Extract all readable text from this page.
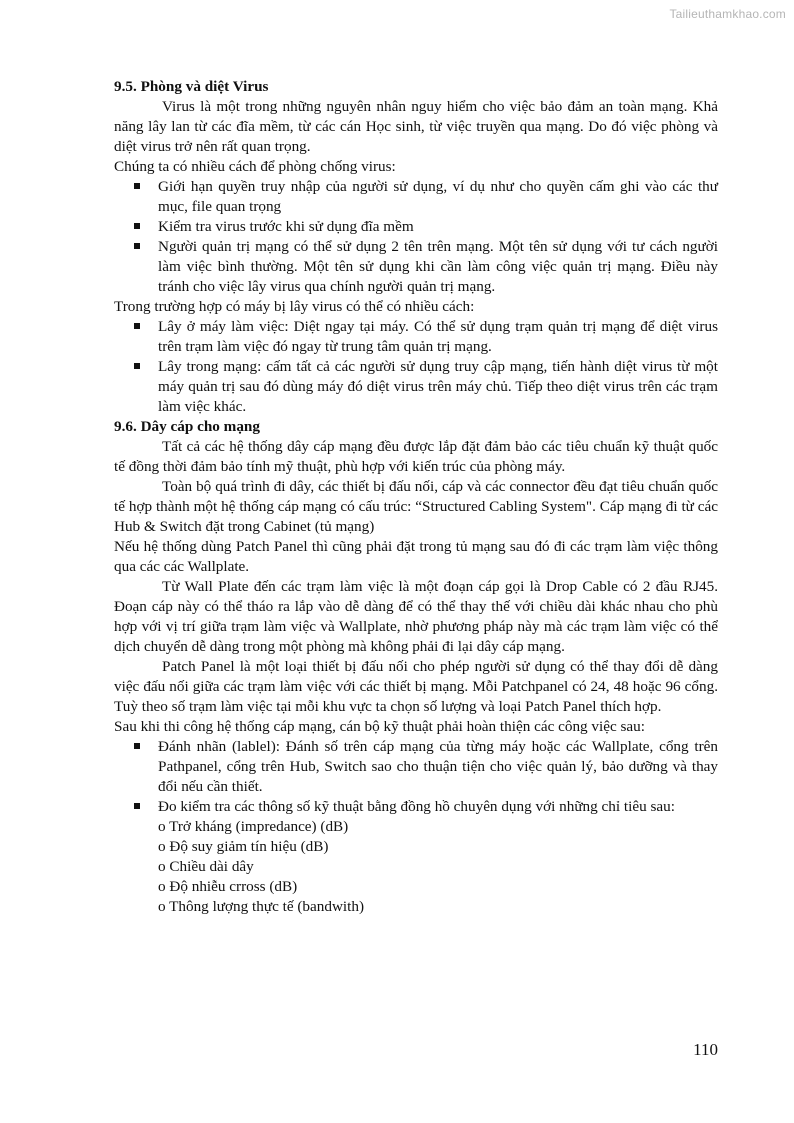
Tailieuthamkhao.com

9.5. Phòng và diệt Virus

Virus là một trong những nguyên nhân nguy hiểm cho việc bảo đảm an toàn mạng. Khả năng lây lan từ các đĩa mềm, từ các cán Học sinh, từ việc truyền qua mạng. Do đó việc phòng và diệt virus trở nên rất quan trọng.

Chúng ta có nhiều cách để phòng chống virus:

Giới hạn quyền truy nhập của người sử dụng, ví dụ như cho quyền cấm ghi vào các thư mục, file quan trọng
Kiểm tra virus trước khi sử dụng đĩa mềm
Người quản trị mạng có thể sử dụng 2 tên trên mạng. Một tên sử dụng với tư cách người làm việc bình thường. Một tên sử dụng khi cần làm công việc quản trị mạng. Điều này tránh cho việc lây virus qua chính người quản trị mạng.

Trong trường hợp có máy bị lây virus có thể có nhiều cách:

Lây ở máy làm việc: Diệt ngay tại máy. Có thể sử dụng trạm quản trị mạng để diệt virus trên trạm làm việc đó ngay từ trung tâm quản trị mạng.
Lây trong mạng: cấm tất cả các người sử dụng truy cập mạng, tiến hành diệt virus từ một máy quản trị sau đó dùng máy đó diệt virus trên máy chủ. Tiếp theo diệt virus trên các trạm làm việc khác.

9.6. Dây cáp cho mạng

Tất cả các hệ thống dây cáp mạng đều được lắp đặt đảm bảo các tiêu chuẩn kỹ thuật quốc tế đồng thời đảm bảo tính mỹ thuật, phù hợp với kiến trúc của phòng máy.

Toàn bộ quá trình đi dây, các thiết bị đấu nối, cáp và các connector đều đạt tiêu chuẩn quốc tế hợp thành một hệ thống cáp mạng có cấu trúc: “Structured Cabling System". Cáp mạng đi từ các Hub & Switch đặt trong Cabinet (tủ mạng)

Nếu hệ thống dùng Patch Panel thì cũng phải đặt trong tủ mạng sau đó đi các trạm làm việc thông qua các các Wallplate.

Từ Wall Plate đến các trạm làm việc là một đoạn cáp gọi là Drop Cable có 2 đầu RJ45. Đoạn cáp này có thể tháo ra lắp vào dễ dàng để có thể thay thế với chiều dài khác nhau cho phù hợp với vị trí giữa trạm làm việc và Wallplate, nhờ phương pháp này mà các trạm làm việc có thể dịch chuyển dễ dàng trong một phòng mà không phải đi lại dây cáp mạng.

Patch Panel là một loại thiết bị đấu nối cho phép người sử dụng có thể thay đổi dễ dàng việc đấu nối giữa các trạm làm việc với các thiết bị mạng. Mỗi Patchpanel có 24, 48 hoặc 96 cổng. Tuỳ theo số trạm làm việc tại mỗi khu vực ta chọn số lượng và loại Patch Panel thích hợp.

Sau khi thi công hệ thống cáp mạng, cán bộ kỹ thuật phải hoàn thiện các công việc sau:

Đánh nhãn (lablel): Đánh số trên cáp mạng của từng máy hoặc các Wallplate, cổng trên Pathpanel, cổng trên Hub, Switch sao cho thuận tiện cho việc quản lý, bảo dưỡng và thay đổi nếu cần thiết.
Đo kiểm tra các thông số kỹ thuật bằng đồng hồ chuyên dụng với những chỉ tiêu sau:
o Trở kháng (impredance) (dB)
o Độ suy giảm tín hiệu (dB)
o Chiều dài dây
o Độ nhiễu crross (dB)
o Thông lượng thực tế (bandwith)
110
